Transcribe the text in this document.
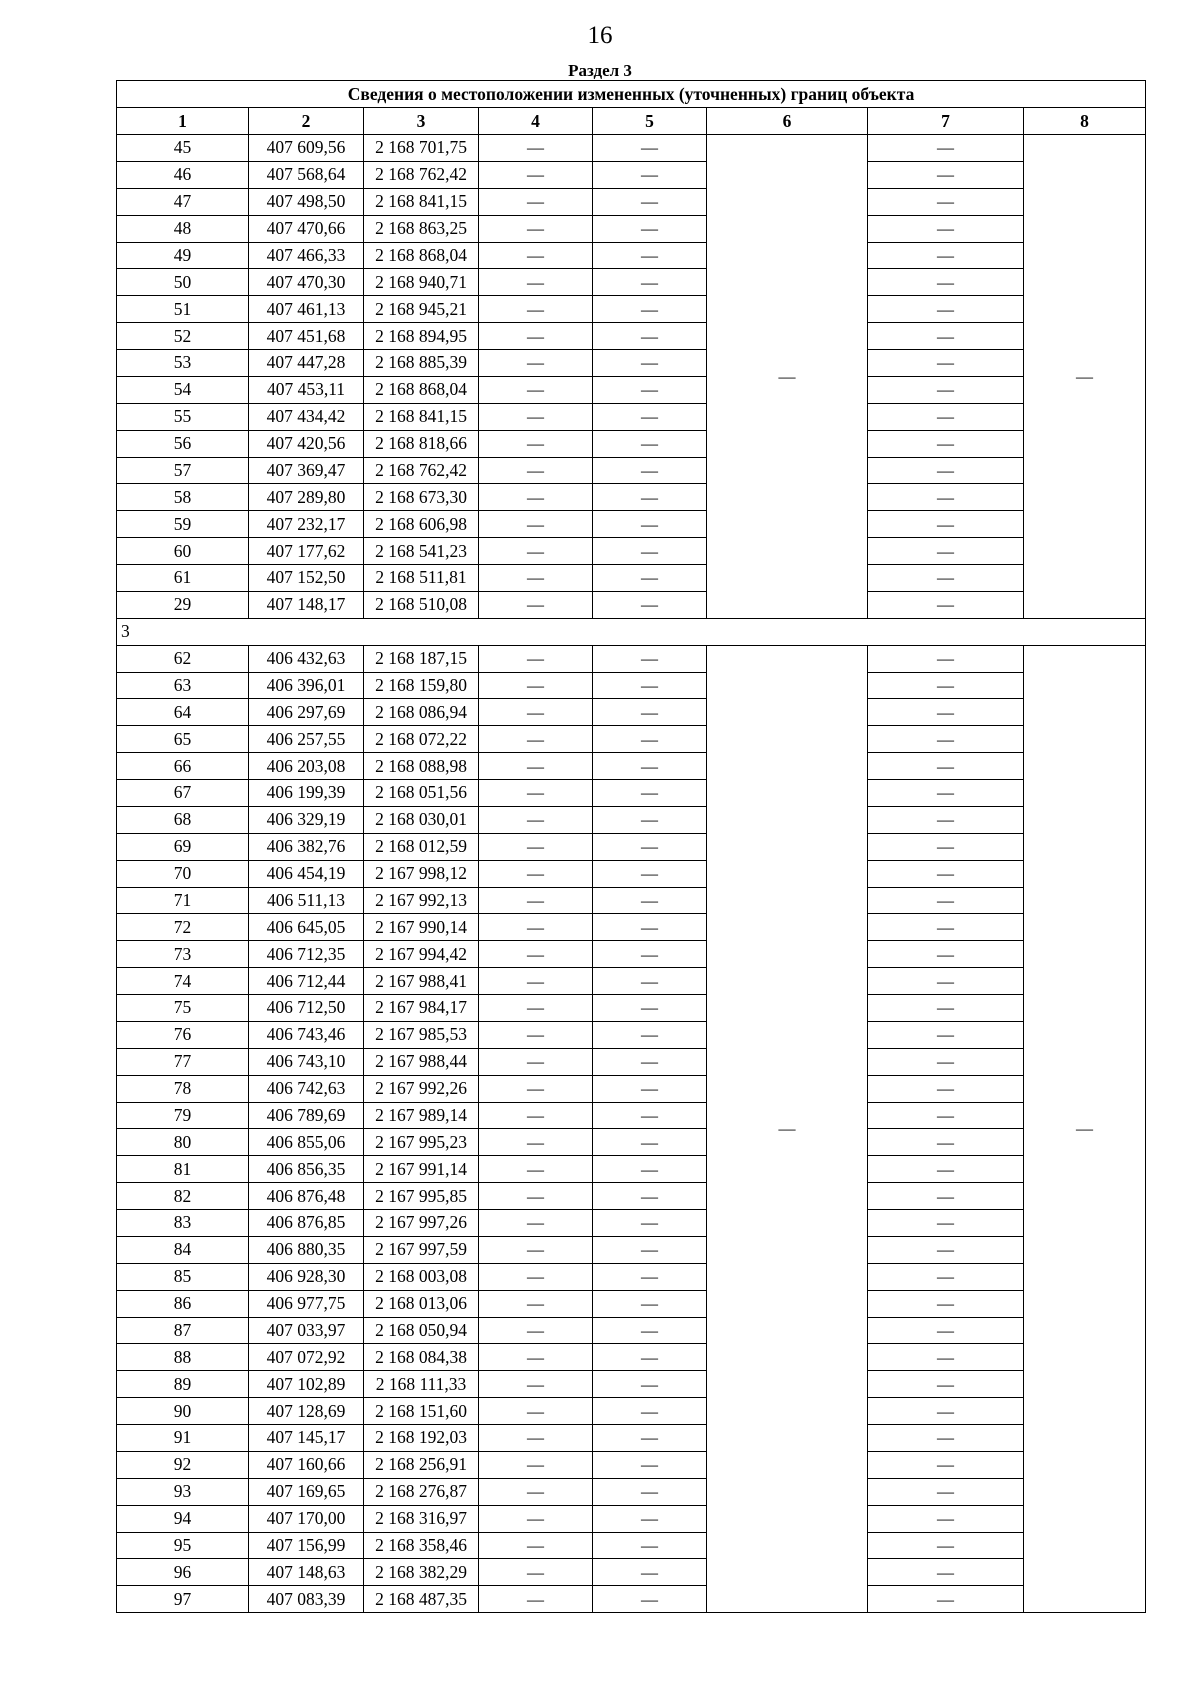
16
Раздел 3
Сведения о местоположении измененных (уточненных) границ объекта							
1	2	3	4	5	6	7	8
45	407 609,56	2 168 701,75	—	—	—	—	—
46	407 568,64	2 168 762,42	—	—		—	
47	407 498,50	2 168 841,15	—	—		—	
48	407 470,66	2 168 863,25	—	—		—	
49	407 466,33	2 168 868,04	—	—		—	
50	407 470,30	2 168 940,71	—	—		—	
51	407 461,13	2 168 945,21	—	—		—	
52	407 451,68	2 168 894,95	—	—		—	
53	407 447,28	2 168 885,39	—	—		—	
54	407 453,11	2 168 868,04	—	—		—	
55	407 434,42	2 168 841,15	—	—		—	
56	407 420,56	2 168 818,66	—	—		—	
57	407 369,47	2 168 762,42	—	—		—	
58	407 289,80	2 168 673,30	—	—		—	
59	407 232,17	2 168 606,98	—	—		—	
60	407 177,62	2 168 541,23	—	—		—	
61	407 152,50	2 168 511,81	—	—		—	
29	407 148,17	2 168 510,08	—	—		—	
3							
62	406 432,63	2 168 187,15	—	—	—	—	—
63	406 396,01	2 168 159,80	—	—		—	
64	406 297,69	2 168 086,94	—	—		—	
65	406 257,55	2 168 072,22	—	—		—	
66	406 203,08	2 168 088,98	—	—		—	
67	406 199,39	2 168 051,56	—	—		—	
68	406 329,19	2 168 030,01	—	—		—	
69	406 382,76	2 168 012,59	—	—		—	
70	406 454,19	2 167 998,12	—	—		—	
71	406 511,13	2 167 992,13	—	—		—	
72	406 645,05	2 167 990,14	—	—		—	
73	406 712,35	2 167 994,42	—	—		—	
74	406 712,44	2 167 988,41	—	—		—	
75	406 712,50	2 167 984,17	—	—		—	
76	406 743,46	2 167 985,53	—	—		—	
77	406 743,10	2 167 988,44	—	—		—	
78	406 742,63	2 167 992,26	—	—		—	
79	406 789,69	2 167 989,14	—	—		—	
80	406 855,06	2 167 995,23	—	—		—	
81	406 856,35	2 167 991,14	—	—		—	
82	406 876,48	2 167 995,85	—	—		—	
83	406 876,85	2 167 997,26	—	—		—	
84	406 880,35	2 167 997,59	—	—		—	
85	406 928,30	2 168 003,08	—	—		—	
86	406 977,75	2 168 013,06	—	—		—	
87	407 033,97	2 168 050,94	—	—		—	
88	407 072,92	2 168 084,38	—	—		—	
89	407 102,89	2 168 111,33	—	—		—	
90	407 128,69	2 168 151,60	—	—		—	
91	407 145,17	2 168 192,03	—	—		—	
92	407 160,66	2 168 256,91	—	—		—	
93	407 169,65	2 168 276,87	—	—		—	
94	407 170,00	2 168 316,97	—	—		—	
95	407 156,99	2 168 358,46	—	—		—	
96	407 148,63	2 168 382,29	—	—		—	
97	407 083,39	2 168 487,35	—	—		—	
